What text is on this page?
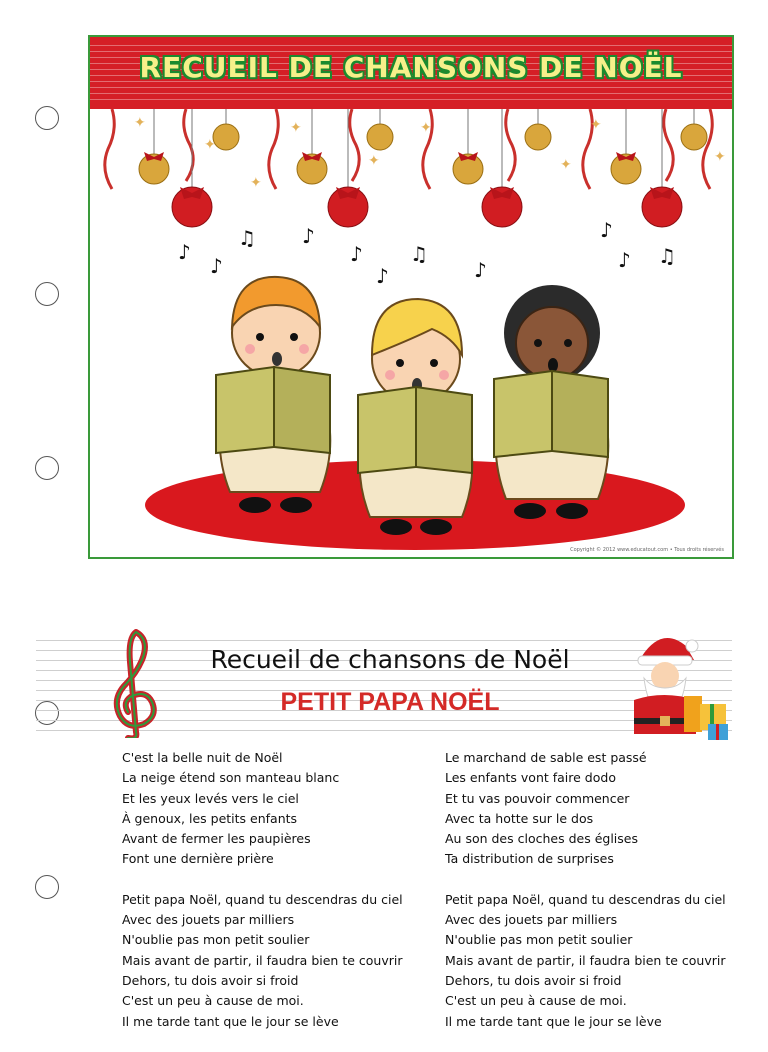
RECUEIL DE CHANSONS DE NOËL
✦
✦
✦
✦
✦
✦
✦
✦
✦
♪
♫ ♪
♪	♪
♪
♫
♪
♪
♪ ♫
Copyright © 2012 www.educatout.com • Tous droits réservés
Recueil de chansons de Noël
PETIT PAPA NOËL
C'est la belle nuit de Noël
La neige étend son manteau blanc
Et les yeux levés vers le ciel
À genoux, les petits enfants
Avant de fermer les paupières
Font une dernière prière
Petit papa Noël, quand tu descendras du ciel
Avec des jouets par milliers
N'oublie pas mon petit soulier
Mais avant de partir, il faudra bien te couvrir
Dehors, tu dois avoir si froid
C'est un peu à cause de moi.
Il me tarde tant que le jour se lève
Le marchand de sable est passé
Les enfants vont faire dodo
Et tu vas pouvoir commencer
Avec ta hotte sur le dos
Au son des cloches des églises
Ta distribution de surprises
Petit papa Noël, quand tu descendras du ciel
Avec des jouets par milliers
N'oublie pas mon petit soulier
Mais avant de partir, il faudra bien te couvrir
Dehors, tu dois avoir si froid
C'est un peu à cause de moi.
Il me tarde tant que le jour se lève
